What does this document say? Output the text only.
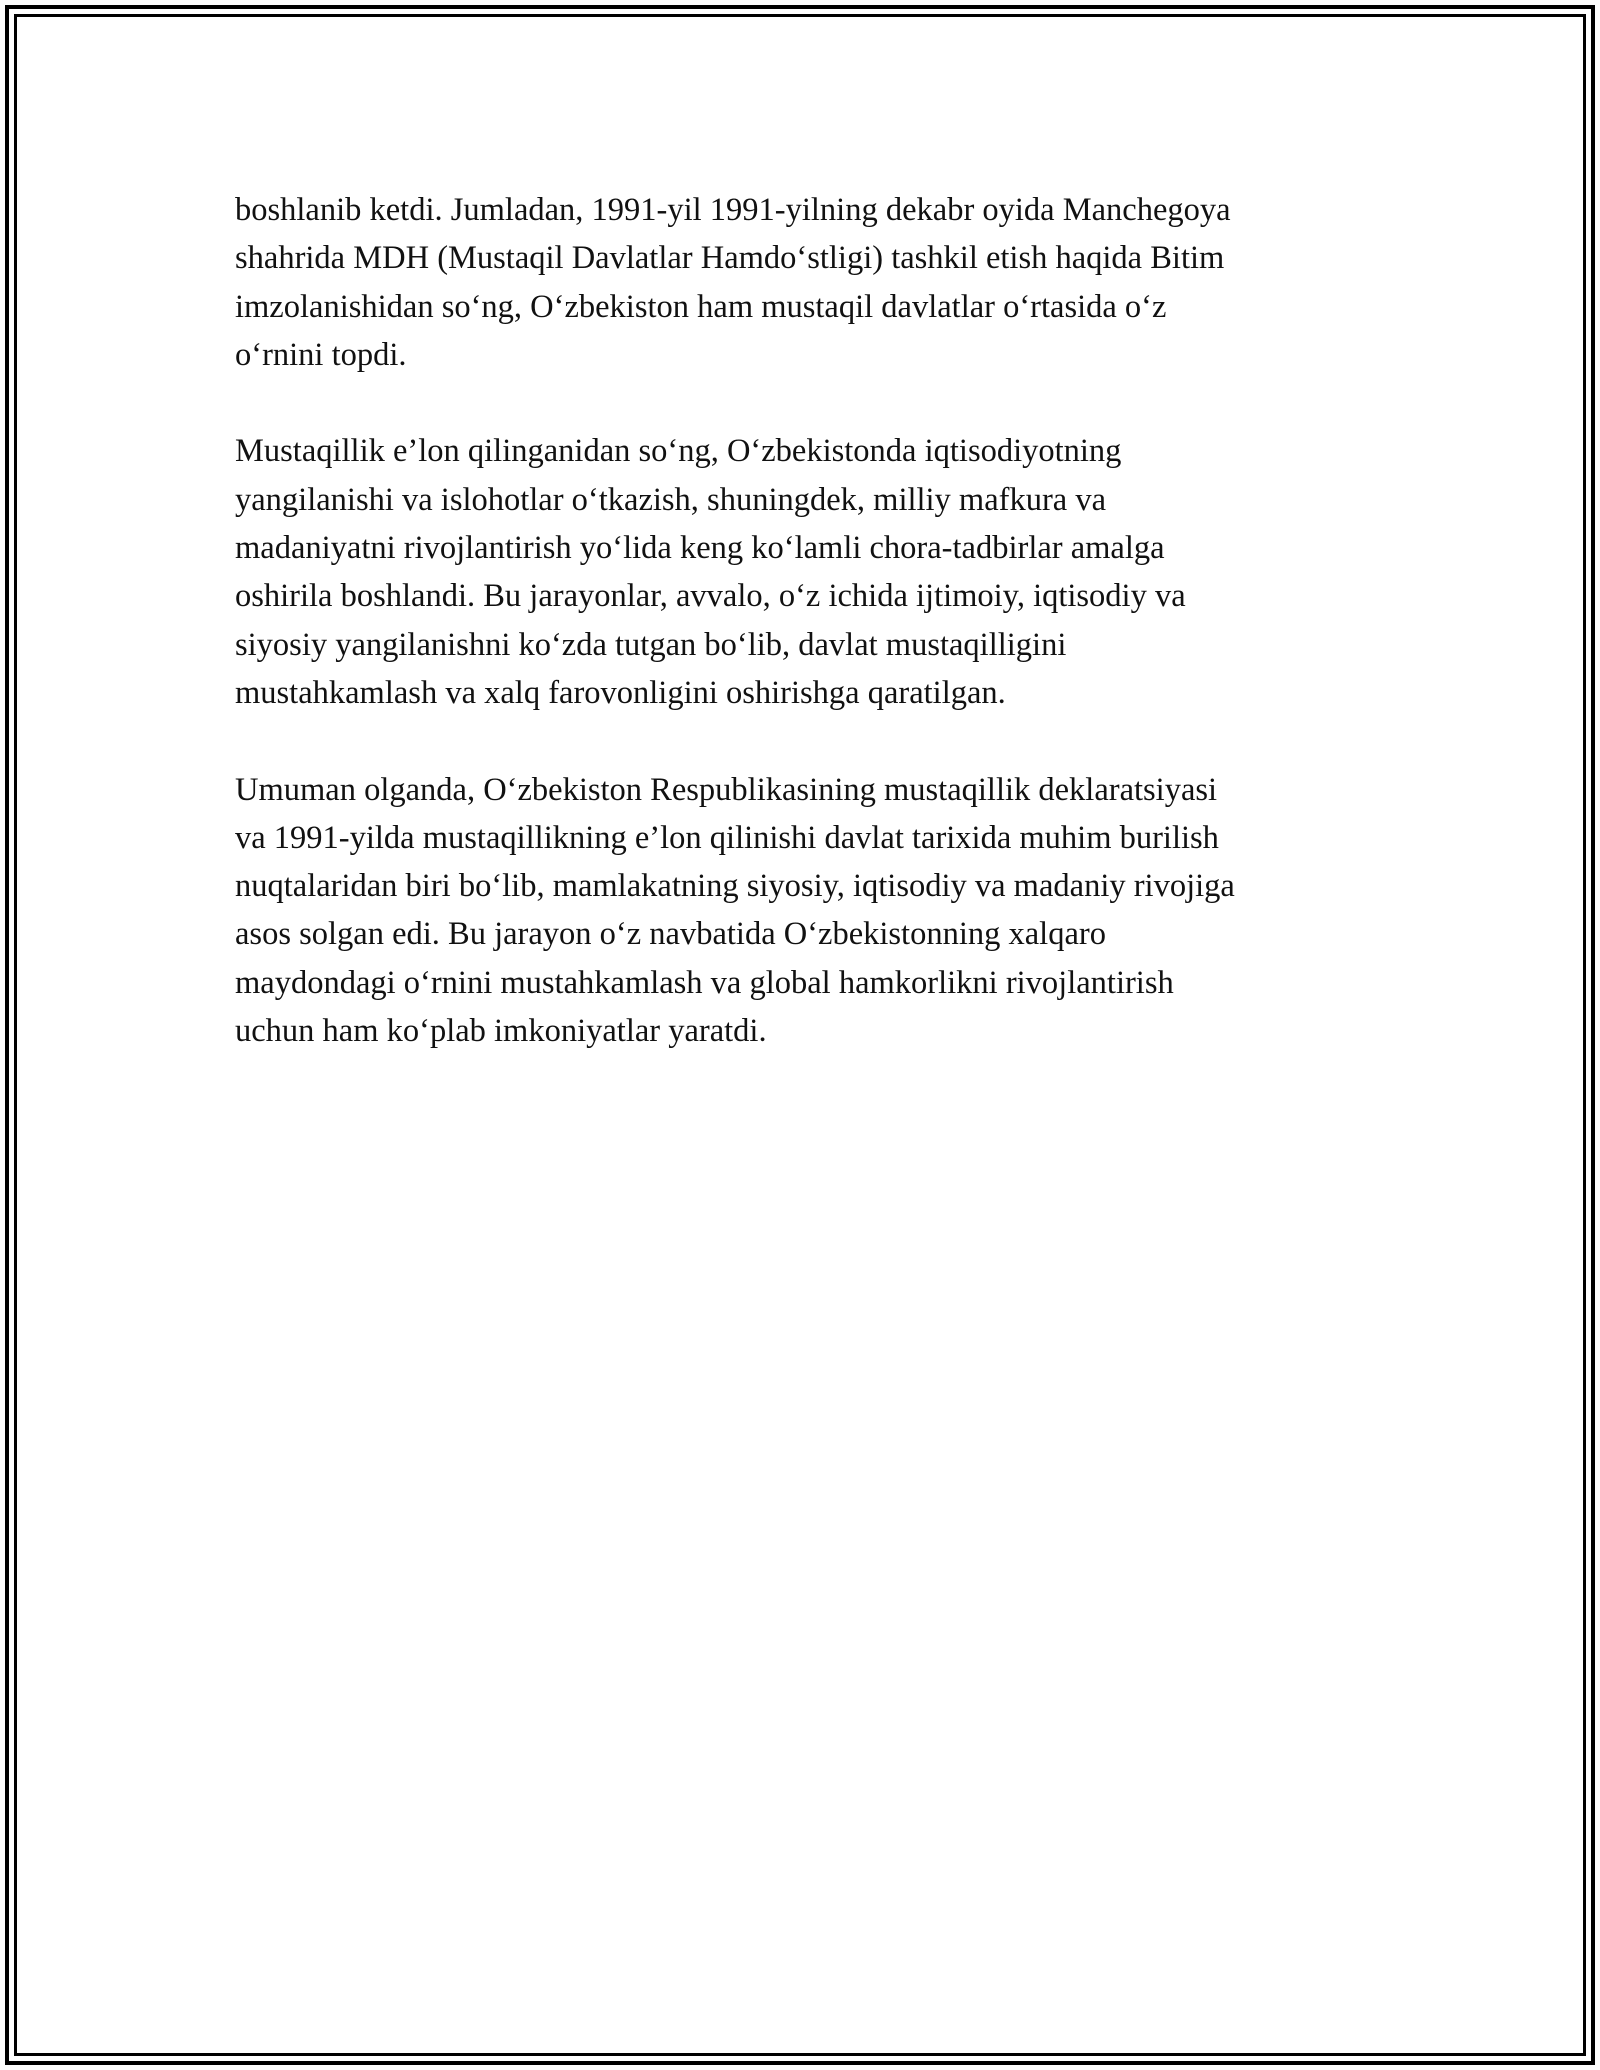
boshlanib ketdi. Jumladan, 1991-yil 1991-yilning dekabr oyida Manchegoya
shahrida MDH (Mustaqil Davlatlar Hamdo‘stligi) tashkil etish haqida Bitim
imzolanishidan so‘ng, O‘zbekiston ham mustaqil davlatlar o‘rtasida o‘z
o‘rnini topdi.

Mustaqillik e’lon qilinganidan so‘ng, O‘zbekistonda iqtisodiyotning
yangilanishi va islohotlar o‘tkazish, shuningdek, milliy mafkura va
madaniyatni rivojlantirish yo‘lida keng ko‘lamli chora-tadbirlar amalga
oshirila boshlandi. Bu jarayonlar, avvalo, o‘z ichida ijtimoiy, iqtisodiy va
siyosiy yangilanishni ko‘zda tutgan bo‘lib, davlat mustaqilligini
mustahkamlash va xalq farovonligini oshirishga qaratilgan.

Umuman olganda, O‘zbekiston Respublikasining mustaqillik deklaratsiyasi
va 1991-yilda mustaqillikning e’lon qilinishi davlat tarixida muhim burilish
nuqtalaridan biri bo‘lib, mamlakatning siyosiy, iqtisodiy va madaniy rivojiga
asos solgan edi. Bu jarayon o‘z navbatida O‘zbekistonning xalqaro
maydondagi o‘rnini mustahkamlash va global hamkorlikni rivojlantirish
uchun ham ko‘plab imkoniyatlar yaratdi.
